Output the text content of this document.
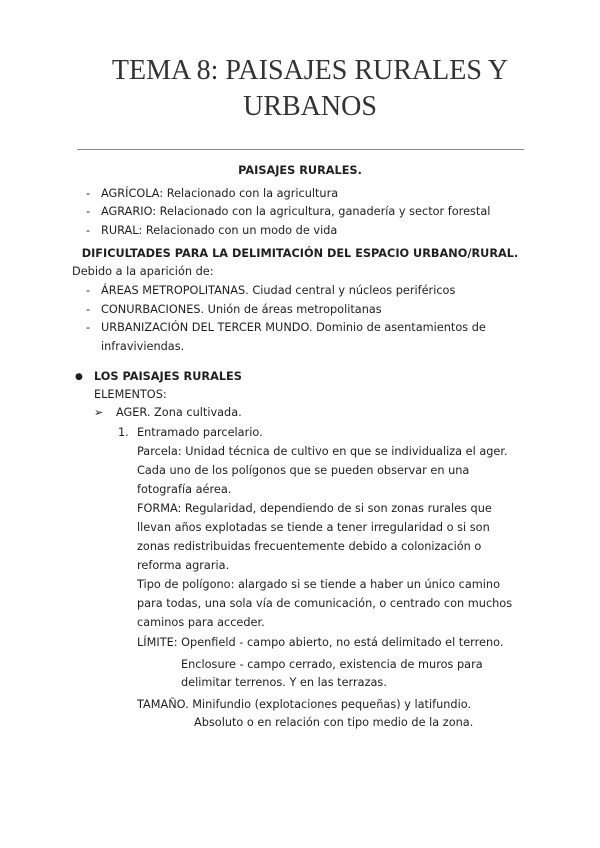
TEMA 8: PAISAJES RURALES Y URBANOS

PAISAJES RURALES.

- AGRÍCOLA: Relacionado con la agricultura

- AGRARIO: Relacionado con la agricultura, ganadería y sector forestal

- RURAL: Relacionado con un modo de vida

DIFICULTADES PARA LA DELIMITACIÓN DEL ESPACIO URBANO/RURAL.

Debido a la aparición de:

- ÁREAS METROPOLITANAS. Ciudad central y núcleos periféricos

- CONURBACIONES. Unión de áreas metropolitanas

- URBANIZACIÓN DEL TERCER MUNDO. Dominio de asentamientos de

infraviviendas.

● LOS PAISAJES RURALES

ELEMENTOS:

➢ AGER. Zona cultivada.

1. Entramado parcelario.

Parcela: Unidad técnica de cultivo en que se individualiza el ager.

Cada uno de los polígonos que se pueden observar en una

fotografía aérea.

FORMA: Regularidad, dependiendo de si son zonas rurales que

llevan años explotadas se tiende a tener irregularidad o si son

zonas redistribuidas frecuentemente debido a colonización o

reforma agraria.

Tipo de polígono: alargado si se tiende a haber un único camino

para todas, una sola vía de comunicación, o centrado con muchos

caminos para acceder.

LÍMITE: Openfield - campo abierto, no está delimitado el terreno.

Enclosure - campo cerrado, existencia de muros para

delimitar terrenos. Y en las terrazas.

TAMAÑO. Minifundio (explotaciones pequeñas) y latifundio.

Absoluto o en relación con tipo medio de la zona.
